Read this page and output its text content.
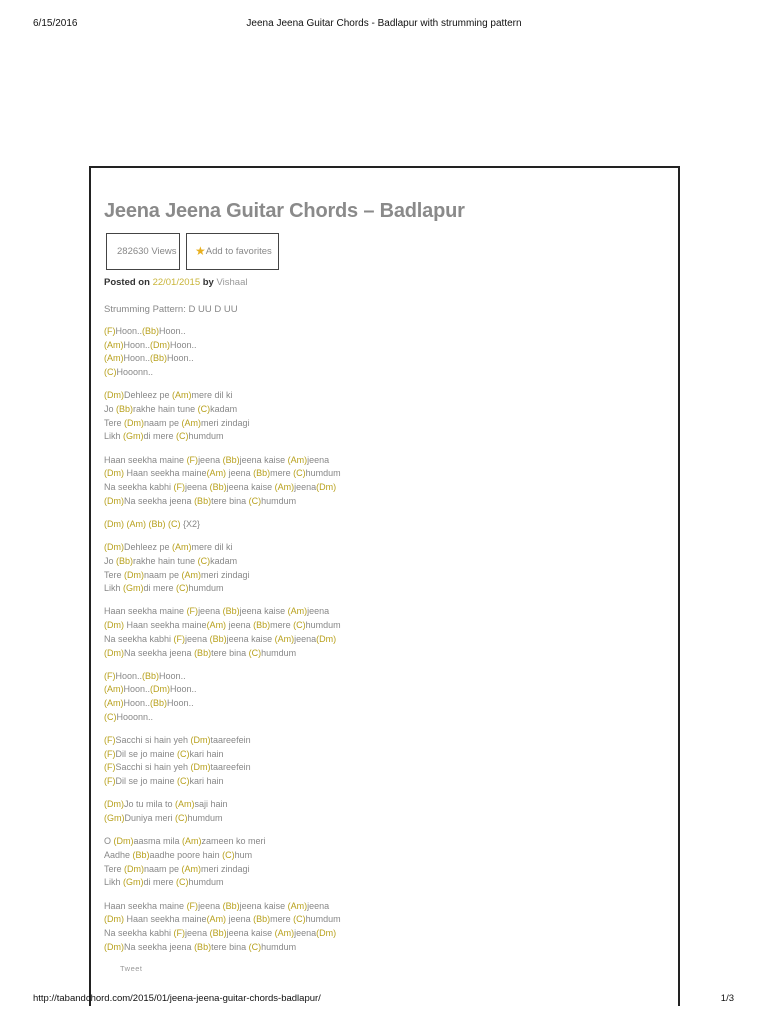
6/15/2016	Jeena Jeena Guitar Chords - Badlapur with strumming pattern
Jeena Jeena Guitar Chords – Badlapur
282630 Views	★Add to favorites
Posted on 22/01/2015 by Vishaal
Strumming Pattern: D UU D UU
(F)Hoon..(Bb)Hoon..
(Am)Hoon..(Dm)Hoon..
(Am)Hoon..(Bb)Hoon..
(C)Hooonn..
(Dm)Dehleez pe (Am)mere dil ki
Jo (Bb)rakhe hain tune (C)kadam
Tere (Dm)naam pe (Am)meri zindagi
Likh (Gm)di mere (C)humdum
Haan seekha maine (F)jeena (Bb)jeena kaise (Am)jeena
(Dm) Haan seekha maine(Am) jeena (Bb)mere (C)humdum
Na seekha kabhi (F)jeena (Bb)jeena kaise (Am)jeena(Dm)
(Dm)Na seekha jeena (Bb)tere bina (C)humdum
(Dm) (Am) (Bb) (C) {X2}
(Dm)Dehleez pe (Am)mere dil ki
Jo (Bb)rakhe hain tune (C)kadam
Tere (Dm)naam pe (Am)meri zindagi
Likh (Gm)di mere (C)humdum
Haan seekha maine (F)jeena (Bb)jeena kaise (Am)jeena
(Dm) Haan seekha maine(Am) jeena (Bb)mere (C)humdum
Na seekha kabhi (F)jeena (Bb)jeena kaise (Am)jeena(Dm)
(Dm)Na seekha jeena (Bb)tere bina (C)humdum
(F)Hoon..(Bb)Hoon..
(Am)Hoon..(Dm)Hoon..
(Am)Hoon..(Bb)Hoon..
(C)Hooonn..
(F)Sacchi si hain yeh (Dm)taareefein
(F)Dil se jo maine (C)kari hain
(F)Sacchi si hain yeh (Dm)taareefein
(F)Dil se jo maine (C)kari hain
(Dm)Jo tu mila to (Am)saji hain
(Gm)Duniya meri (C)humdum
O (Dm)aasma mila (Am)zameen ko meri
Aadhe (Bb)aadhe poore hain (C)hum
Tere (Dm)naam pe (Am)meri zindagi
Likh (Gm)di mere (C)humdum
Haan seekha maine (F)jeena (Bb)jeena kaise (Am)jeena
(Dm) Haan seekha maine(Am) jeena (Bb)mere (C)humdum
Na seekha kabhi (F)jeena (Bb)jeena kaise (Am)jeena(Dm)
(Dm)Na seekha jeena (Bb)tere bina (C)humdum
Tweet
http://tabandchord.com/2015/01/jeena-jeena-guitar-chords-badlapur/	1/3
